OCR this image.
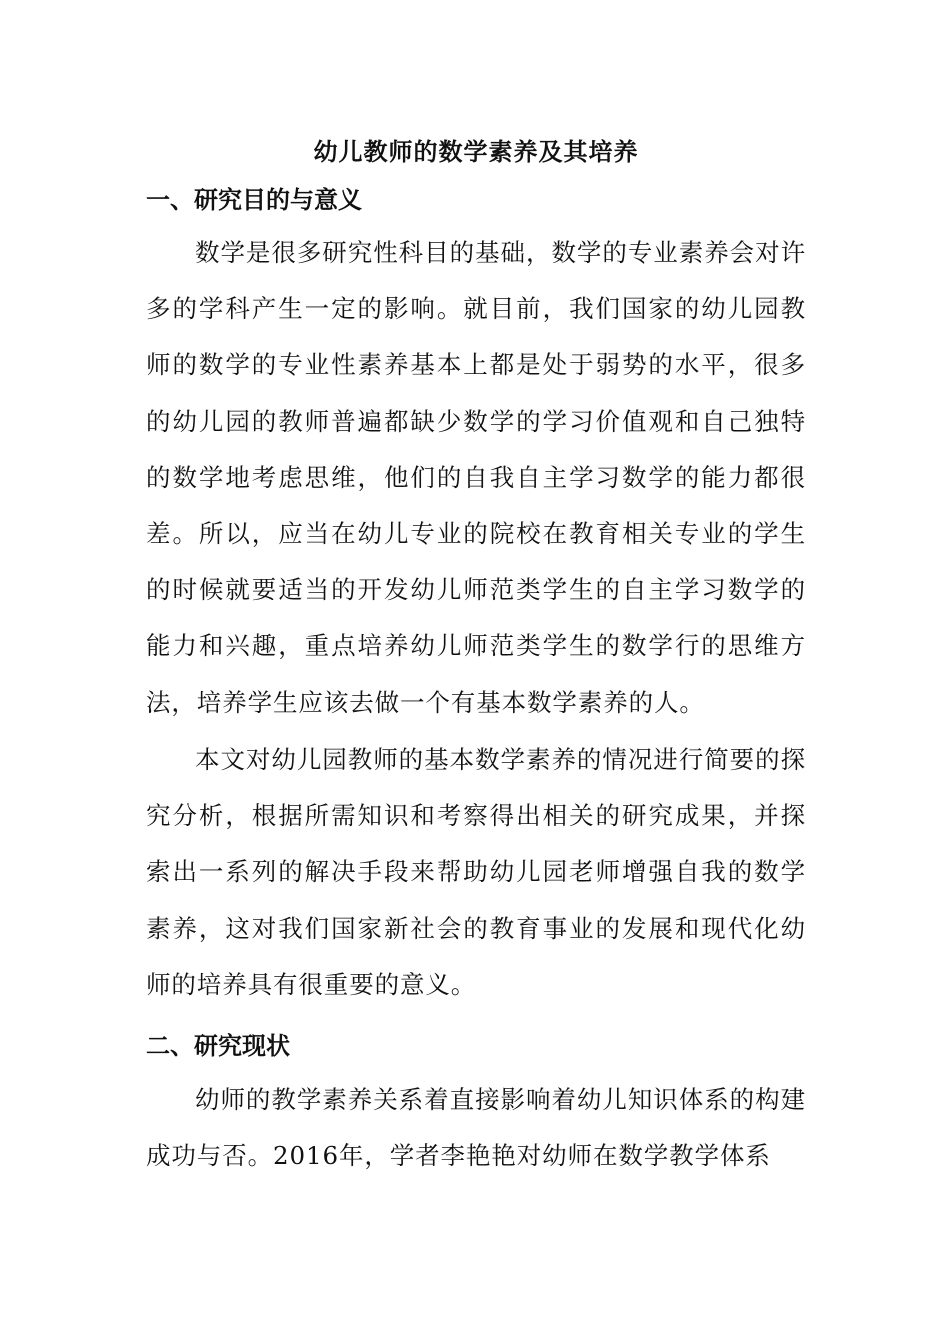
幼儿教师的数学素养及其培养
一、研究目的与意义

数学是很多研究性科目的基础，数学的专业素养会对许多的学科产生一定的影响。就目前，我们国家的幼儿园教师的数学的专业性素养基本上都是处于弱势的水平，很多的幼儿园的教师普遍都缺少数学的学习价值观和自己独特的数学地考虑思维，他们的自我自主学习数学的能力都很差。所以，应当在幼儿专业的院校在教育相关专业的学生的时候就要适当的开发幼儿师范类学生的自主学习数学的能力和兴趣，重点培养幼儿师范类学生的数学行的思维方法，培养学生应该去做一个有基本数学素养的人。

本文对幼儿园教师的基本数学素养的情况进行简要的探究分析，根据所需知识和考察得出相关的研究成果，并探索出一系列的解决手段来帮助幼儿园老师增强自我的数学素养，这对我们国家新社会的教育事业的发展和现代化幼师的培养具有很重要的意义。

二、研究现状

幼师的教学素养关系着直接影响着幼儿知识体系的构建成功与否。2016年，学者李艳艳对幼师在数学教学体系
